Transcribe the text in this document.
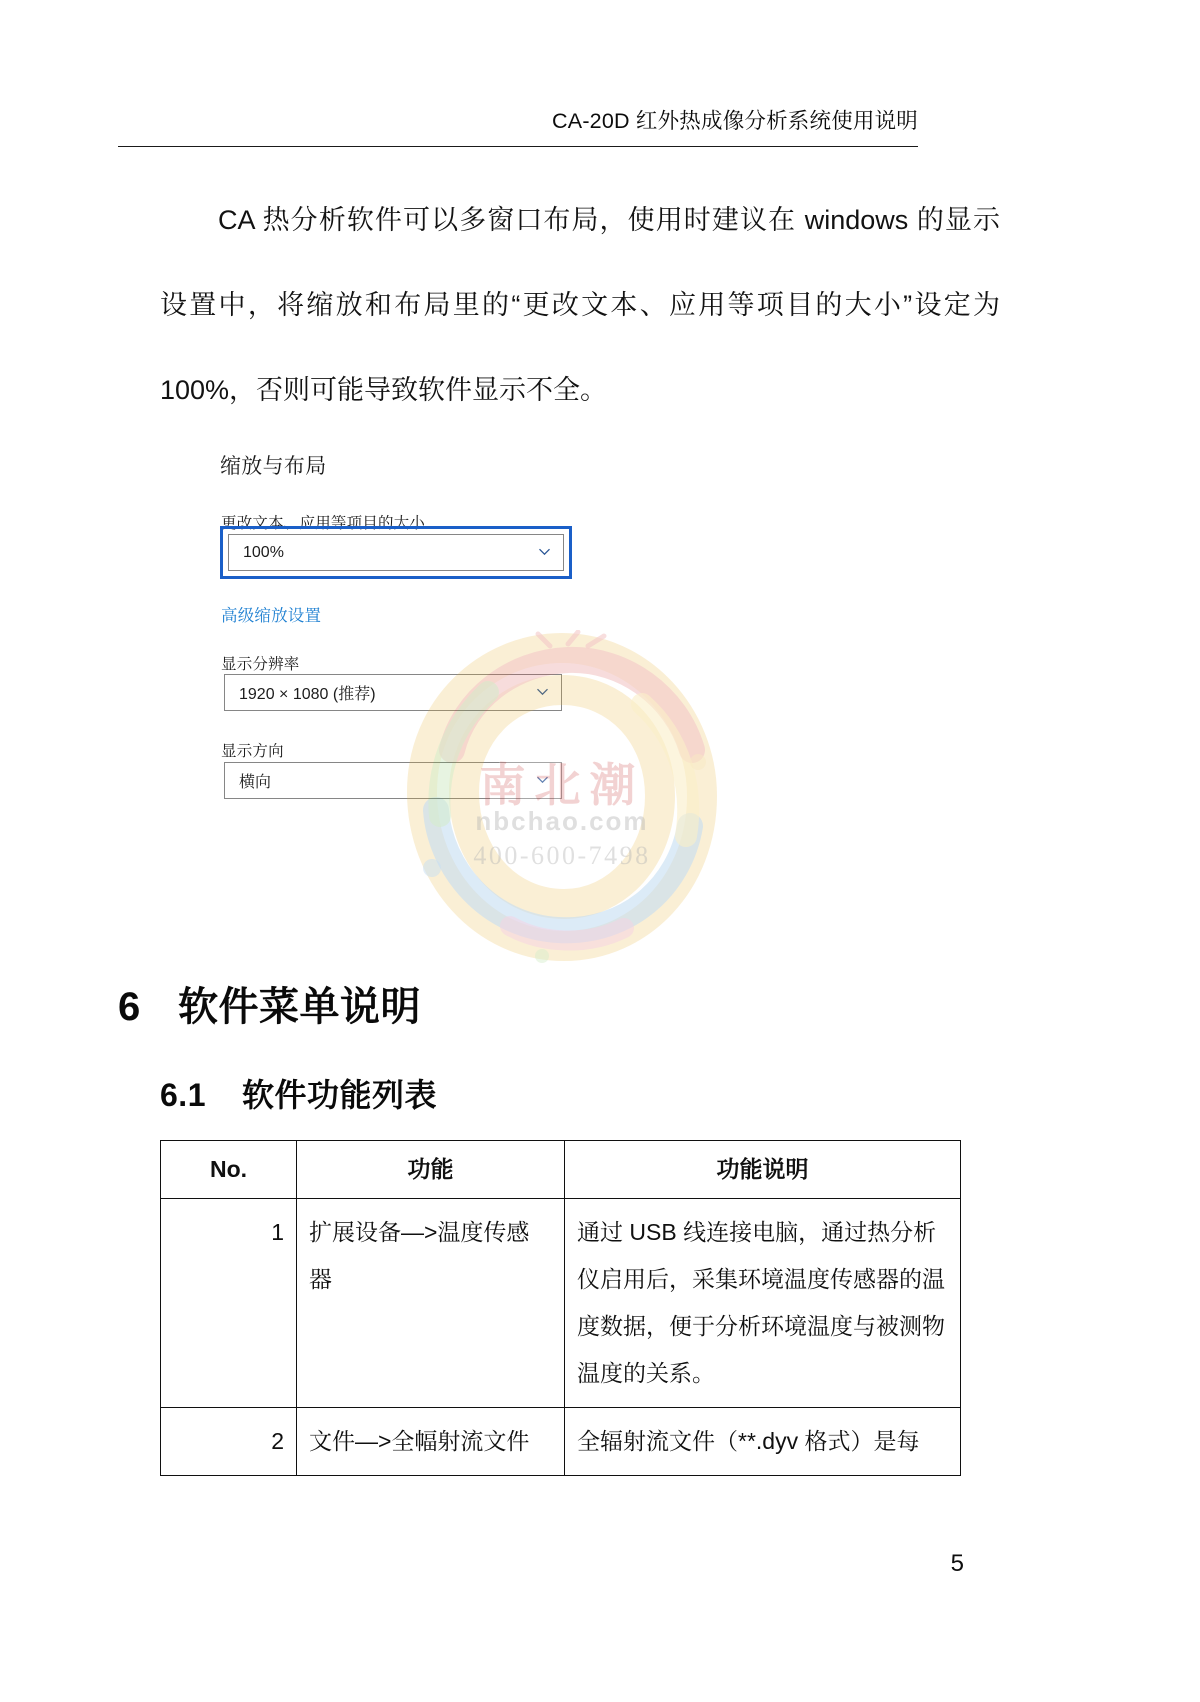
CA-20D 红外热成像分析系统使用说明
CA 热分析软件可以多窗口布局，使用时建议在 windows 的显示设置中，将缩放和布局里的“更改文本、应用等项目的大小”设定为 100%，否则可能导致软件显示不全。
缩放与布局
更改文本、应用等项目的大小
100%
高级缩放设置
显示分辨率
1920 × 1080 (推荐)
显示方向
横向	南北潮
nbchao.com
400-600-7498
6 软件菜单说明
6.1 软件功能列表
No.	功能	功能说明
1	扩展设备—>温度传感器	通过 USB 线连接电脑，通过热分析仪启用后，采集环境温度传感器的温度数据，便于分析环境温度与被测物温度的关系。
2	文件—>全幅射流文件	全辐射流文件（**.dyv 格式）是每
5
